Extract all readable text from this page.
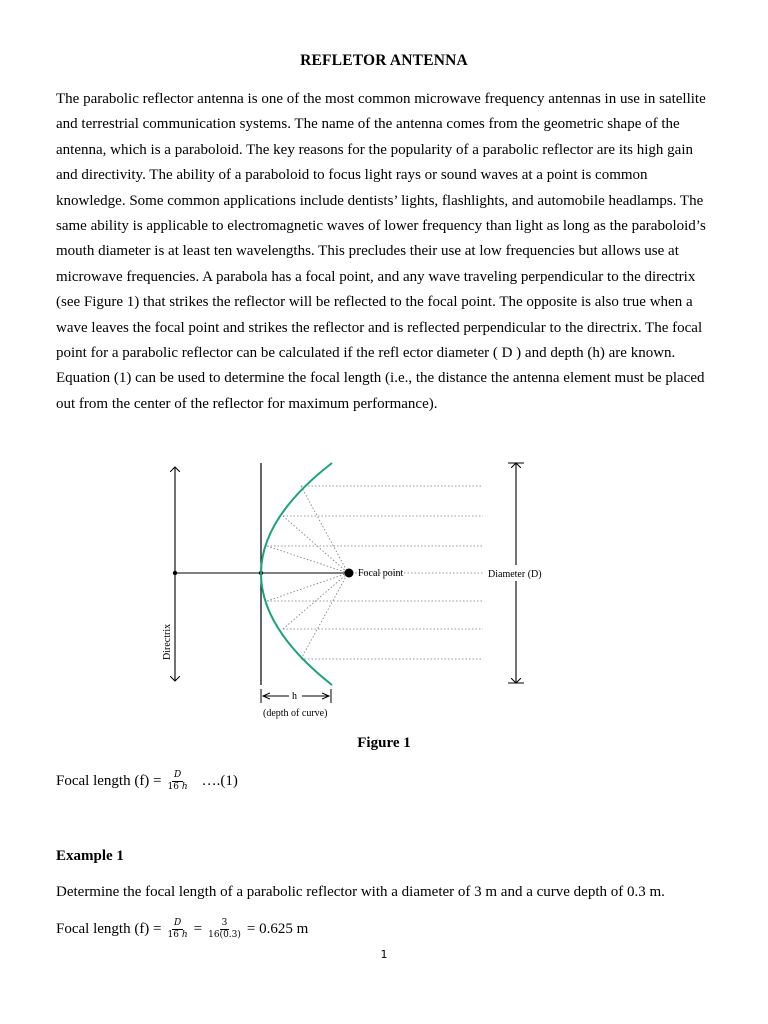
REFLETOR ANTENNA

The parabolic reflector antenna is one of the most common microwave frequency antennas in use in satellite and terrestrial communication systems. The name of the antenna comes from the geometric shape of the antenna, which is a paraboloid. The key reasons for the popularity of a parabolic reflector are its high gain and directivity. The ability of a paraboloid to focus light rays or sound waves at a point is common knowledge. Some common applications include dentists’ lights, flashlights, and automobile headlamps. The same ability is applicable to electromagnetic waves of lower frequency than light as long as the paraboloid’s mouth diameter is at least ten wavelengths. This precludes their use at low frequencies but allows use at microwave frequencies. A parabola has a focal point, and any wave traveling perpendicular to the directrix (see Figure 1) that strikes the reflector will be reflected to the focal point. The opposite is also true when a wave leaves the focal point and strikes the reflector and is reflected perpendicular to the directrix. The focal point for a parabolic reflector can be calculated if the refl ector diameter ( D ) and depth (h) are known. Equation (1) can be used to determine the focal length (i.e., the distance the antenna element must be placed out from the center of the reflector for maximum performance).

Directrix
Focal point	Diameter (D)
h
(depth of curve)
Figure 1
Focal length $(f) = \frac{D}{16 h}$ ….(1)
Example 1
Determine the focal length of a parabolic reflector with a diameter of 3 m and a curve depth of 0.3 m.
Focal length $(f) = \frac{D}{16 h} = \frac{3}{16(0.3)} = 0.625$ m
1
